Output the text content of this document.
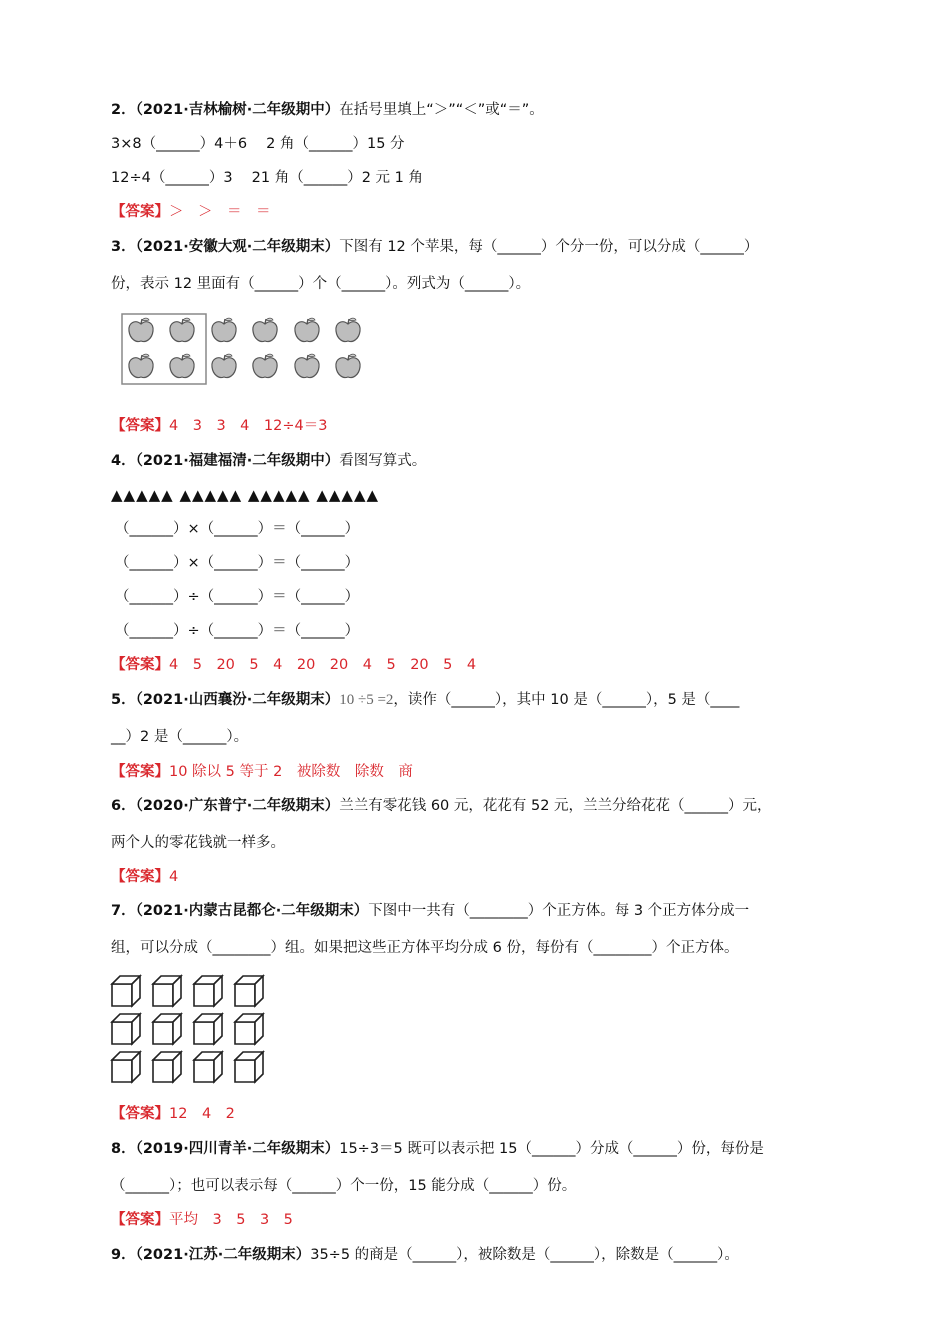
2．（2021·吉林榆树·二年级期中）在括号里填上“＞”“＜”或“＝”。
3×8（______）4＋6　 2 角（______）15 分
12÷4（______）3　 21 角（______）2 元 1 角
【答案】＞　＞　＝　＝
3．（2021·安徽大观·二年级期末）下图有 12 个苹果，每（______）个分一份，可以分成（______）
份，表示 12 里面有（______）个（______）。列式为（______）。
【答案】4　3　3　4　12÷4＝3
4．（2021·福建福清·二年级期中）看图写算式。
▲▲▲▲▲ ▲▲▲▲▲ ▲▲▲▲▲ ▲▲▲▲▲
（______）×（______）＝（______）
（______）×（______）＝（______）
（______）÷（______）＝（______）
（______）÷（______）＝（______）
【答案】4　5　20　5　4　20　20　4　5　20　5　4
5．（2021·山西襄汾·二年级期末）10 ÷5 =2，读作（______），其中 10 是（______），5 是（____
__）2 是（______）。
【答案】10 除以 5 等于 2　被除数　除数　商
6．（2020·广东普宁·二年级期末）兰兰有零花钱 60 元，花花有 52 元，兰兰分给花花（______）元，
两个人的零花钱就一样多。
【答案】4
7．（2021·内蒙古昆都仑·二年级期末）下图中一共有（________）个正方体。每 3 个正方体分成一
组，可以分成（________）组。如果把这些正方体平均分成 6 份，每份有（________）个正方体。
【答案】12　4　2
8．（2019·四川青羊·二年级期末）15÷3＝5 既可以表示把 15（______）分成（______）份，每份是
（______）；也可以表示每（______）个一份，15 能分成（______）份。
【答案】平均　3　5　3　5
9．（2021·江苏·二年级期末）35÷5 的商是（______），被除数是（______），除数是（______）。
